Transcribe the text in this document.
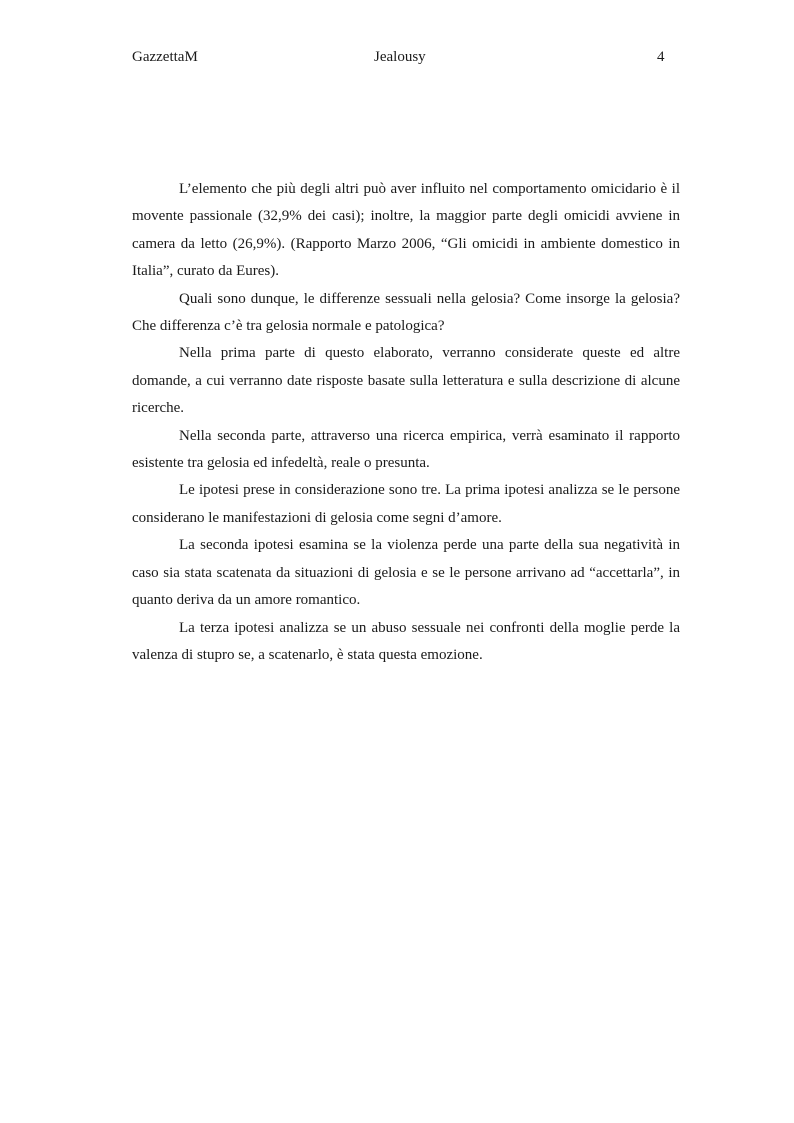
GazzettaM	Jealousy	4

L’elemento che più degli altri può aver influito nel comportamento omicidario è il movente passionale (32,9% dei casi); inoltre, la maggior parte degli omicidi avviene in camera da letto (26,9%). (Rapporto Marzo 2006, “Gli omicidi in ambiente domestico in Italia”, curato da Eures).

Quali sono dunque, le differenze sessuali nella gelosia? Come insorge la gelosia? Che differenza c’è tra gelosia normale e patologica?

Nella prima parte di questo elaborato, verranno considerate queste ed altre domande, a cui verranno date risposte basate sulla letteratura e sulla descrizione di alcune ricerche.

Nella seconda parte, attraverso una ricerca empirica, verrà esaminato il rapporto esistente tra gelosia ed infedeltà, reale o presunta.

Le ipotesi prese in considerazione sono tre. La prima ipotesi analizza se le persone considerano le manifestazioni di gelosia come segni d’amore.

La seconda ipotesi esamina se la violenza perde una parte della sua negatività in caso sia stata scatenata da situazioni di gelosia e se le persone arrivano ad “accettarla”, in quanto deriva da un amore romantico.

La terza ipotesi analizza se un abuso sessuale nei confronti della moglie perde la valenza di stupro se, a scatenarlo, è stata questa emozione.
